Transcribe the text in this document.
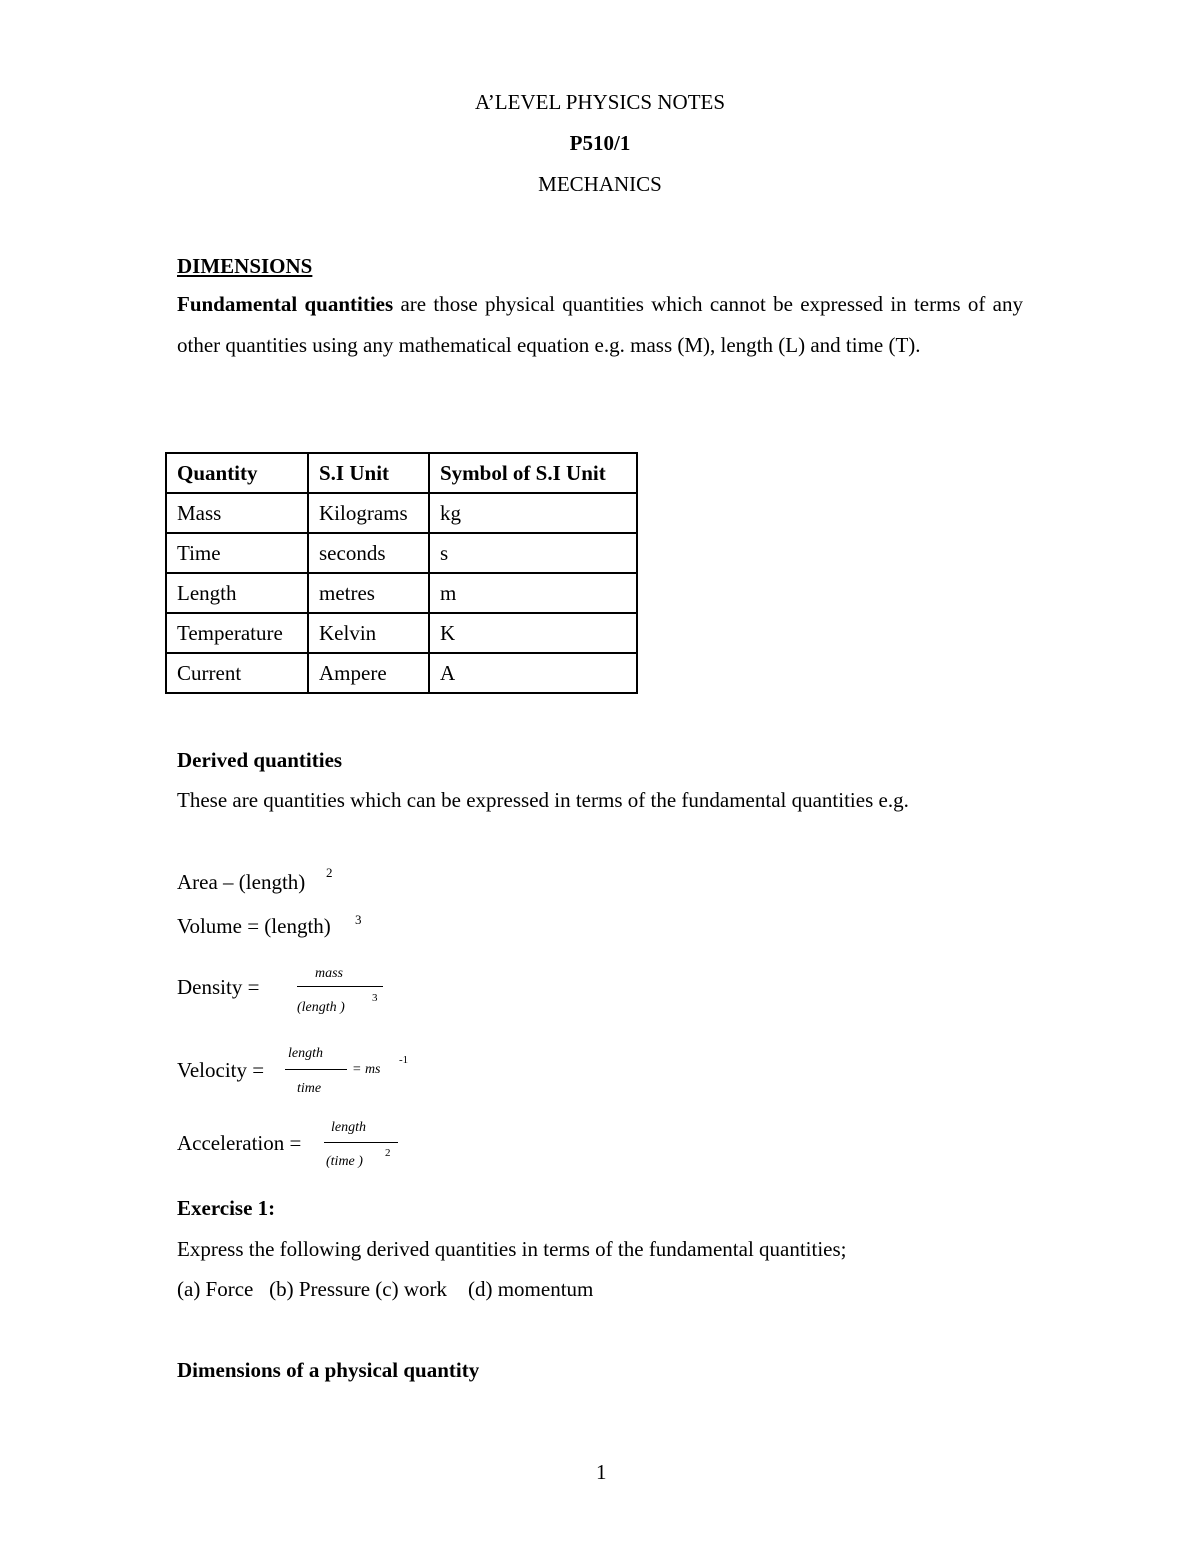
A’LEVEL PHYSICS NOTES
P510/1
MECHANICS
DIMENSIONS
Fundamental quantities are those physical quantities which cannot be expressed in terms of any other quantities using any mathematical equation e.g. mass (M), length (L) and time (T).
Quantity	S.I Unit	Symbol of S.I Unit
Mass	Kilograms	kg
Time	seconds	s
Length	metres	m
Temperature	Kelvin	K
Current	Ampere	A
Derived quantities
These are quantities which can be expressed in terms of the fundamental quantities e.g.
Area – (length) 2
Volume = (length) 3
Density =
mass
(length )
3
Velocity =
length
time
= ms
-1
Acceleration =
length
(time )
2
Exercise 1:
Express the following derived quantities in terms of the fundamental quantities;
(a) Force   (b) Pressure (c) work    (d) momentum
Dimensions of a physical quantity
1
